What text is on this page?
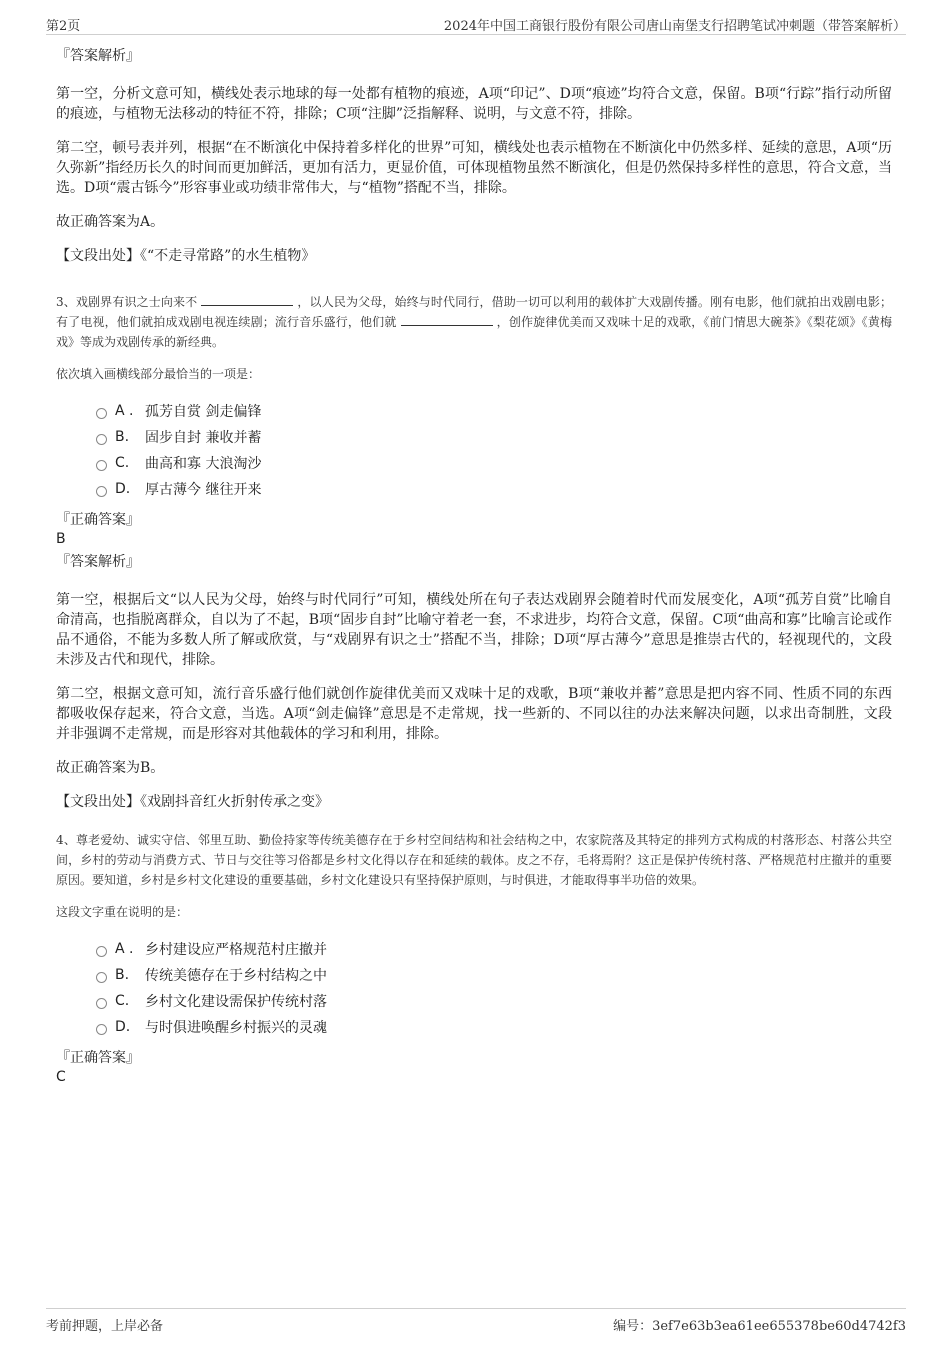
第2页	2024年中国工商银行股份有限公司唐山南堡支行招聘笔试冲刺题（带答案解析）
『答案解析』

第一空，分析文意可知，横线处表示地球的每一处都有植物的痕迹，A项“印记”、D项“痕迹”均符合文意，保留。B项“行踪”指行动所留的痕迹，与植物无法移动的特征不符，排除；C项“注脚”泛指解释、说明，与文意不符，排除。

第二空，顿号表并列，根据“在不断演化中保持着多样化的世界”可知，横线处也表示植物在不断演化中仍然多样、延续的意思，A项“历久弥新”指经历长久的时间而更加鲜活，更加有活力，更显价值，可体现植物虽然不断演化，但是仍然保持多样性的意思，符合文意，当选。D项“震古铄今”形容事业或功绩非常伟大，与“植物”搭配不当，排除。

故正确答案为A。

【文段出处】《“不走寻常路”的水生植物》

3、戏剧界有识之士向来不	，以人民为父母，始终与时代同行，借助一切可以利用的载体扩大戏剧传播。刚有电影，他们就拍出戏剧电影；有了电视，他们就拍成戏剧电视连续剧；流行音乐盛行，他们就	，创作旋律优美而又戏味十足的戏歌，《前门情思大碗茶》《梨花颂》《黄梅戏》等成为戏剧传承的新经典。

依次填入画横线部分最恰当的一项是：

A . 孤芳自赏 剑走偏锋
B.	固步自封 兼收并蓄
C.	曲高和寡 大浪淘沙
D.	厚古薄今 继往开来
『正确答案』
B
『答案解析』

第一空，根据后文“以人民为父母，始终与时代同行”可知，横线处所在句子表达戏剧界会随着时代而发展变化，A项“孤芳自赏”比喻自命清高，也指脱离群众，自以为了不起，B项“固步自封”比喻守着老一套，不求进步，均符合文意，保留。C项“曲高和寡”比喻言论或作品不通俗，不能为多数人所了解或欣赏，与“戏剧界有识之士”搭配不当，排除；D项“厚古薄今”意思是推崇古代的，轻视现代的，文段未涉及古代和现代，排除。

第二空，根据文意可知，流行音乐盛行他们就创作旋律优美而又戏味十足的戏歌，B项“兼收并蓄”意思是把内容不同、性质不同的东西都吸收保存起来，符合文意，当选。A项“剑走偏锋”意思是不走常规，找一些新的、不同以往的办法来解决问题，以求出奇制胜，文段并非强调不走常规，而是形容对其他载体的学习和利用，排除。

故正确答案为B。

【文段出处】《戏剧抖音红火折射传承之变》

4、尊老爱幼、诚实守信、邻里互助、勤俭持家等传统美德存在于乡村空间结构和社会结构之中，农家院落及其特定的排列方式构成的村落形态、村落公共空间，乡村的劳动与消费方式、节日与交往等习俗都是乡村文化得以存在和延续的载体。皮之不存，毛将焉附？这正是保护传统村落、严格规范村庄撤并的重要原因。要知道，乡村是乡村文化建设的重要基础，乡村文化建设只有坚持保护原则，与时俱进，才能取得事半功倍的效果。

这段文字重在说明的是：

A . 乡村建设应严格规范村庄撤并
B.	传统美德存在于乡村结构之中
C.	乡村文化建设需保护传统村落
D.	与时俱进唤醒乡村振兴的灵魂
『正确答案』
C
考前押题，上岸必备	编号：3ef7e63b3ea61ee655378be60d4742f3
